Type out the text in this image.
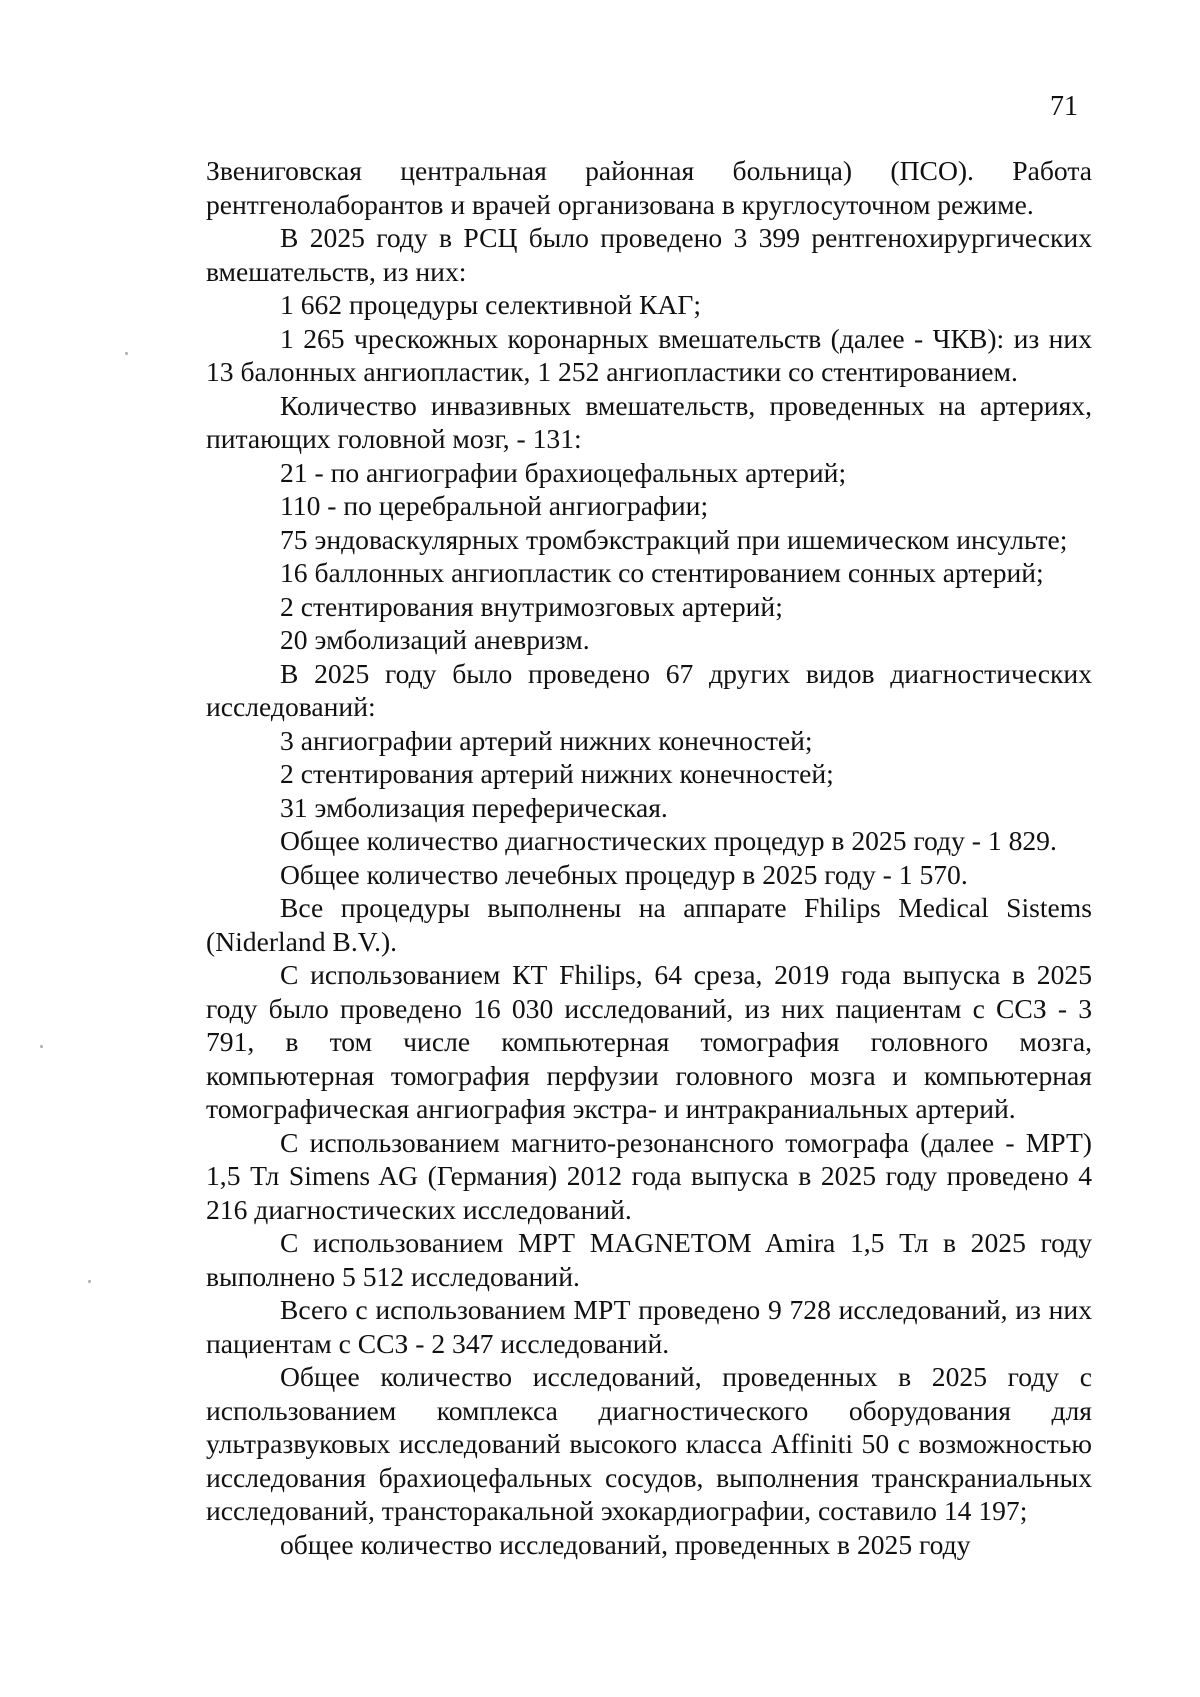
71

Звениговская центральная районная больница) (ПСО). Работа рентгенолаборантов и врачей организована в круглосуточном режиме.

В 2025 году в РСЦ было проведено 3 399 рентгенохирургических вмешательств, из них:

1 662 процедуры селективной КАГ;

1 265 чрескожных коронарных вмешательств (далее - ЧКВ): из них 13 балонных ангиопластик, 1 252 ангиопластики со стентированием.

Количество инвазивных вмешательств, проведенных на артериях, питающих головной мозг, - 131:

21 - по ангиографии брахиоцефальных артерий;

110 - по церебральной ангиографии;

75 эндоваскулярных тромбэкстракций при ишемическом инсульте;

16 баллонных ангиопластик со стентированием сонных артерий;

2 стентирования внутримозговых артерий;

20 эмболизаций аневризм.

В 2025 году было проведено 67 других видов диагностических исследований:

3 ангиографии артерий нижних конечностей;

2 стентирования артерий нижних конечностей;

31 эмболизация переферическая.

Общее количество диагностических процедур в 2025 году - 1 829.

Общее количество лечебных процедур в 2025 году - 1 570.

Все процедуры выполнены на аппарате Fhilips Medical Sistems (Niderland B.V.).

С использованием КТ Fhilips, 64 среза, 2019 года выпуска в 2025 году было проведено 16 030 исследований, из них пациентам с ССЗ - 3 791, в том числе компьютерная томография головного мозга, компьютерная томография перфузии головного мозга и компьютерная томографическая ангиография экстра- и интракраниальных артерий.

С использованием магнито-резонансного томографа (далее - МРТ) 1,5 Тл Simens AG (Германия) 2012 года выпуска в 2025 году проведено 4 216 диагностических исследований.

С использованием МРТ MAGNETOM Amira 1,5 Тл в 2025 году выполнено 5 512 исследований.

Всего с использованием МРТ проведено 9 728 исследований, из них пациентам с ССЗ - 2 347 исследований.

Общее количество исследований, проведенных в 2025 году с использованием комплекса диагностического оборудования для ультразвуковых исследований высокого класса Affiniti 50 с возможностью исследования брахиоцефальных сосудов, выполнения транскраниальных исследований, трансторакальной эхокардиографии, составило 14 197;

общее количество исследований, проведенных в 2025 году
